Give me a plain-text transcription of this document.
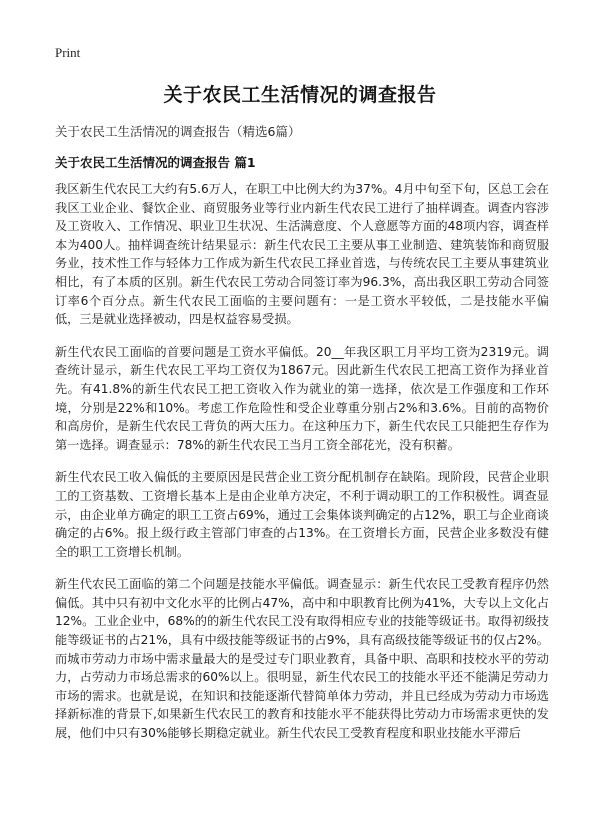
Print
关于农民工生活情况的调查报告
关于农民工生活情况的调查报告（精选6篇）
关于农民工生活情况的调查报告 篇1

我区新生代农民工大约有5.6万人，在职工中比例大约为37%。4月中旬至下旬，区总工会在我区工业企业、餐饮企业、商贸服务业等行业内新生代农民工进行了抽样调查。调查内容涉及工资收入、工作情况、职业卫生状况、生活满意度、个人意愿等方面的48项内容，调查样本为400人。抽样调查统计结果显示：新生代农民工主要从事工业制造、建筑装饰和商贸服务业，技术性工作与轻体力工作成为新生代农民工择业首选，与传统农民工主要从事建筑业相比，有了本质的区别。新生代农民工劳动合同签订率为96.3%，高出我区职工劳动合同签订率6个百分点。新生代农民工面临的主要问题有：一是工资水平较低，二是技能水平偏低，三是就业选择被动，四是权益容易受损。

新生代农民工面临的首要问题是工资水平偏低。20__年我区职工月平均工资为2319元。调查统计显示，新生代农民工平均工资仅为1867元。因此新生代农民工把高工资作为择业首先。有41.8%的新生代农民工把工资收入作为就业的第一选择，依次是工作强度和工作环境，分别是22%和10%。考虑工作危险性和受企业尊重分别占2%和3.6%。目前的高物价和高房价，是新生代农民工背负的两大压力。在这种压力下，新生代农民工只能把生存作为第一选择。调查显示：78%的新生代农民工当月工资全部花光，没有积蓄。

新生代农民工收入偏低的主要原因是民营企业工资分配机制存在缺陷。现阶段，民营企业职工的工资基数、工资增长基本上是由企业单方决定，不利于调动职工的工作积极性。调查显示，由企业单方确定的职工工资占69%，通过工会集体谈判确定的占12%，职工与企业商谈确定的占6%。报上级行政主管部门审查的占13%。在工资增长方面，民营企业多数没有健全的职工工资增长机制。

新生代农民工面临的第二个问题是技能水平偏低。调查显示：新生代农民工受教育程序仍然偏低。其中只有初中文化水平的比例占47%，高中和中职教育比例为41%，大专以上文化占12%。工业企业中，68%的的新生代农民工没有取得相应专业的技能等级证书。取得初级技能等级证书的占21%，具有中级技能等级证书的占9%，具有高级技能等级证书的仅占2%。而城市劳动力市场中需求量最大的是受过专门职业教育，具备中职、高职和技校水平的劳动力，占劳动力市场总需求的60%以上。很明显，新生代农民工的技能水平还不能满足劳动力市场的需求。也就是说，在知识和技能逐渐代替简单体力劳动，并且已经成为劳动力市场选择新标准的背景下,如果新生代农民工的教育和技能水平不能获得比劳动力市场需求更快的发展，他们中只有30%能够长期稳定就业。新生代农民工受教育程度和职业技能水平滞后
